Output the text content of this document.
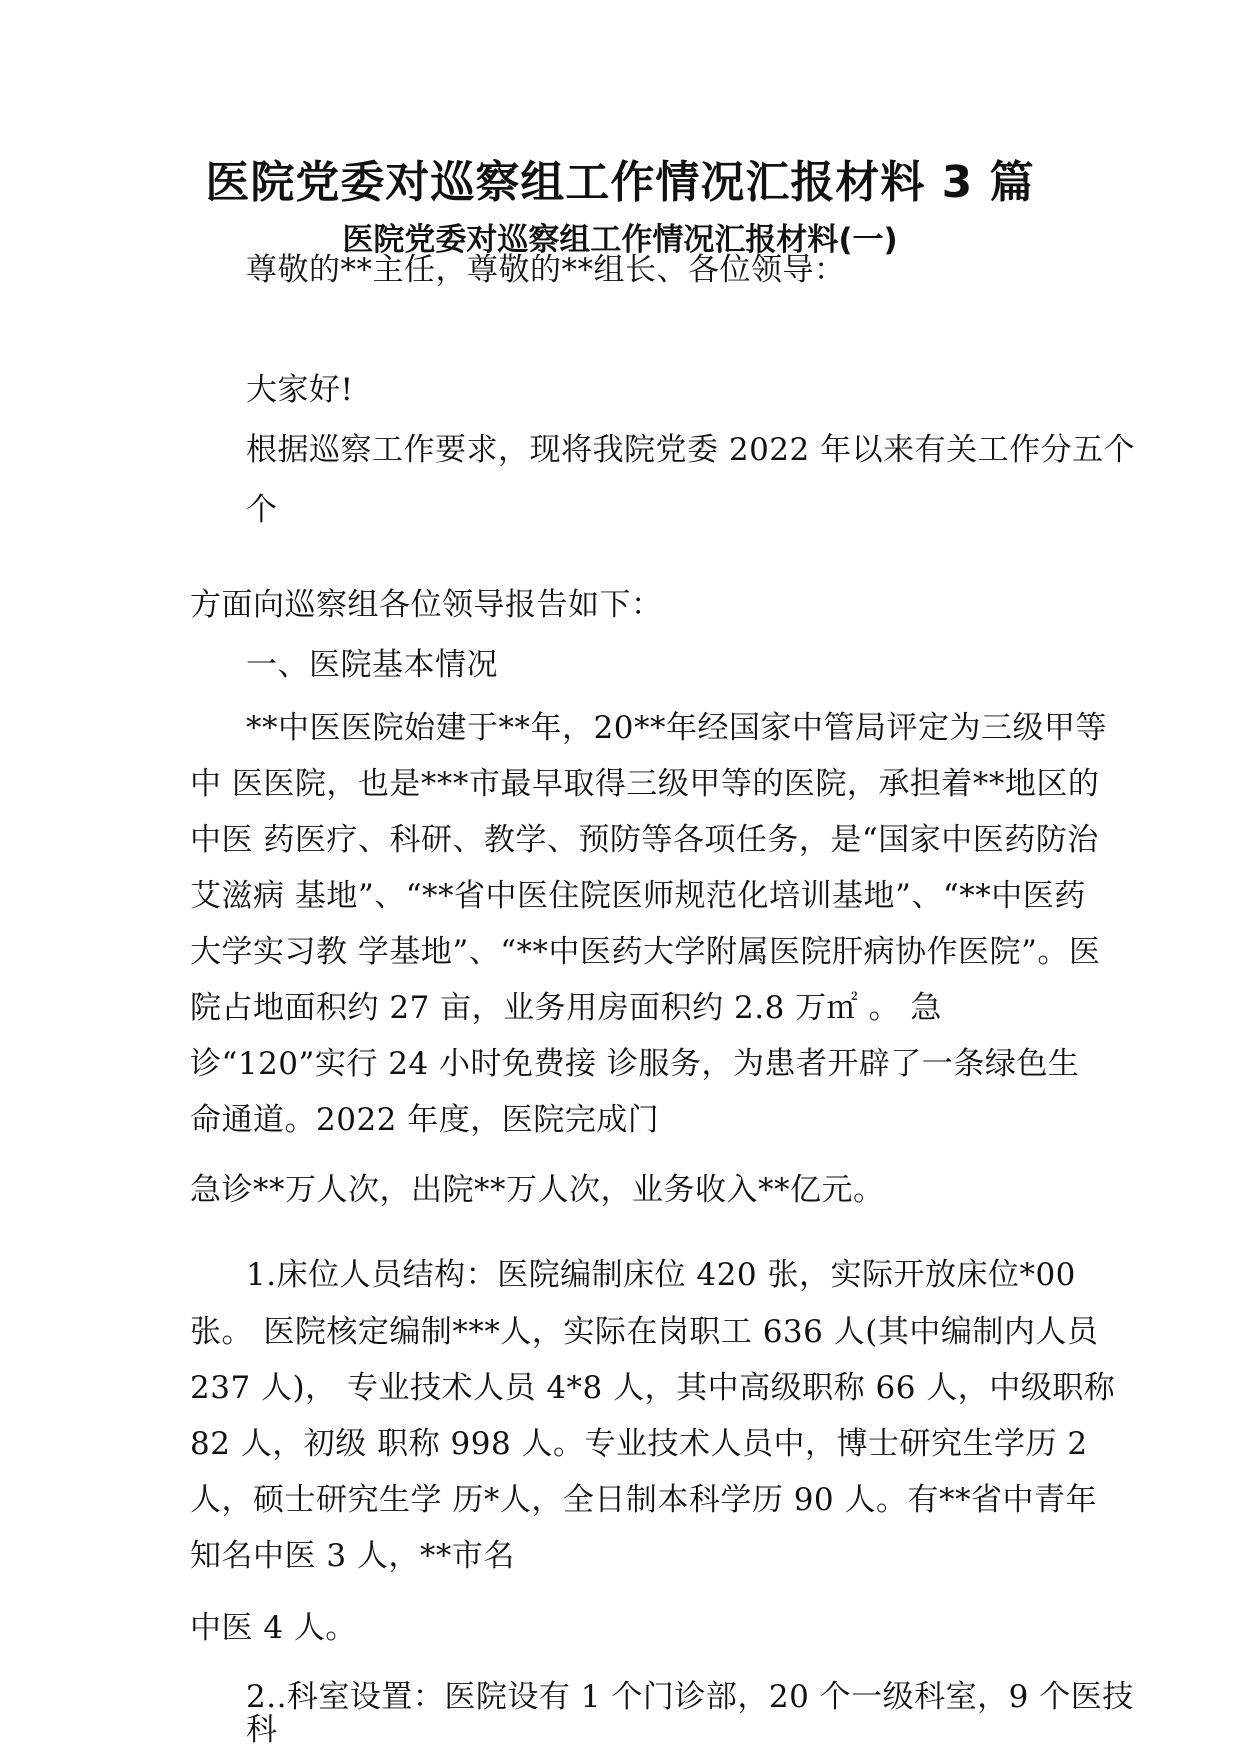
医院党委对巡察组工作情况汇报材料 3 篇
医院党委对巡察组工作情况汇报材料(一)
尊敬的**主任，尊敬的**组长、各位领导：
大家好!
根据巡察工作要求，现将我院党委 2022 年以来有关工作分五个
个
方面向巡察组各位领导报告如下：
一、医院基本情况
**中医医院始建于**年，20**年经国家中管局评定为三级甲等
中 医医院，也是***市最早取得三级甲等的医院，承担着**地区的
中医 药医疗、科研、教学、预防等各项任务，是“国家中医药防治
艾滋病 基地”、“**省中医住院医师规范化培训基地”、“**中医药
大学实习教 学基地”、“**中医药大学附属医院肝病协作医院”。医
院占地面积约 27 亩，业务用房面积约 2.8 万㎡ 。 急
诊“120”实行 24 小时免费接 诊服务，为患者开辟了一条绿色生
命通道。2022 年度，医院完成门
急诊**万人次，出院**万人次，业务收入**亿元。
1.床位人员结构：医院编制床位 420 张，实际开放床位*00
张。 医院核定编制***人，实际在岗职工 636 人(其中编制内人员
237 人)， 专业技术人员 4*8 人，其中高级职称 66 人，中级职称
82 人，初级 职称 998 人。专业技术人员中，博士研究生学历 2
人，硕士研究生学 历*人，全日制本科学历 90 人。有**省中青年
知名中医 3 人，**市名
中医 4 人。
2..科室设置：医院设有 1 个门诊部，20 个一级科室，9 个医技
科
